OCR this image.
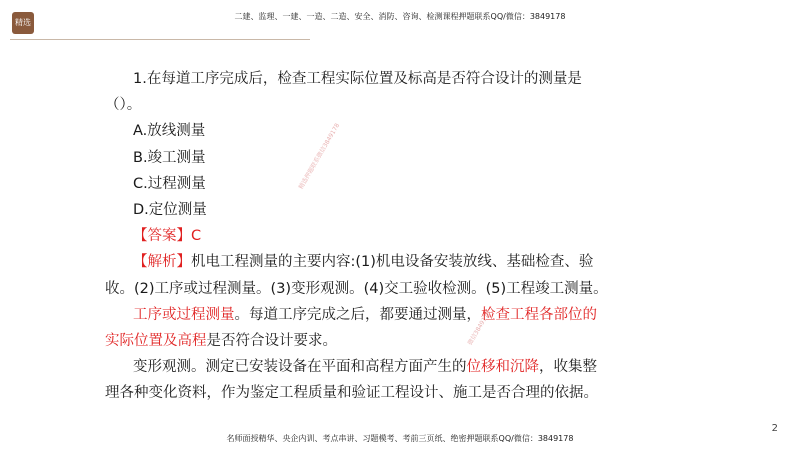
精选
二建、监理、一建、一造、二造、安全、消防、咨询、检测课程押题联系QQ/微信：3849178
精选押题联系微信3849178
微信3849178

1.在每道工序完成后，检查工程实际位置及标高是否符合设计的测量是

（）。

A.放线测量

B.竣工测量

C.过程测量

D.定位测量

【答案】C

【解析】机电工程测量的主要内容:(1)机电设备安装放线、基础检查、验

收。(2)工序或过程测量。(3)变形观测。(4)交工验收检测。(5)工程竣工测量。

工序或过程测量。每道工序完成之后，都要通过测量，检查工程各部位的

实际位置及高程是否符合设计要求。

变形观测。测定已安装设备在平面和高程方面产生的位移和沉降，收集整

理各种变化资料，作为鉴定工程质量和验证工程设计、施工是否合理的依据。

2
名师面授精华、央企内训、考点串讲、习题模考、考前三页纸、绝密押题联系QQ/微信：3849178
